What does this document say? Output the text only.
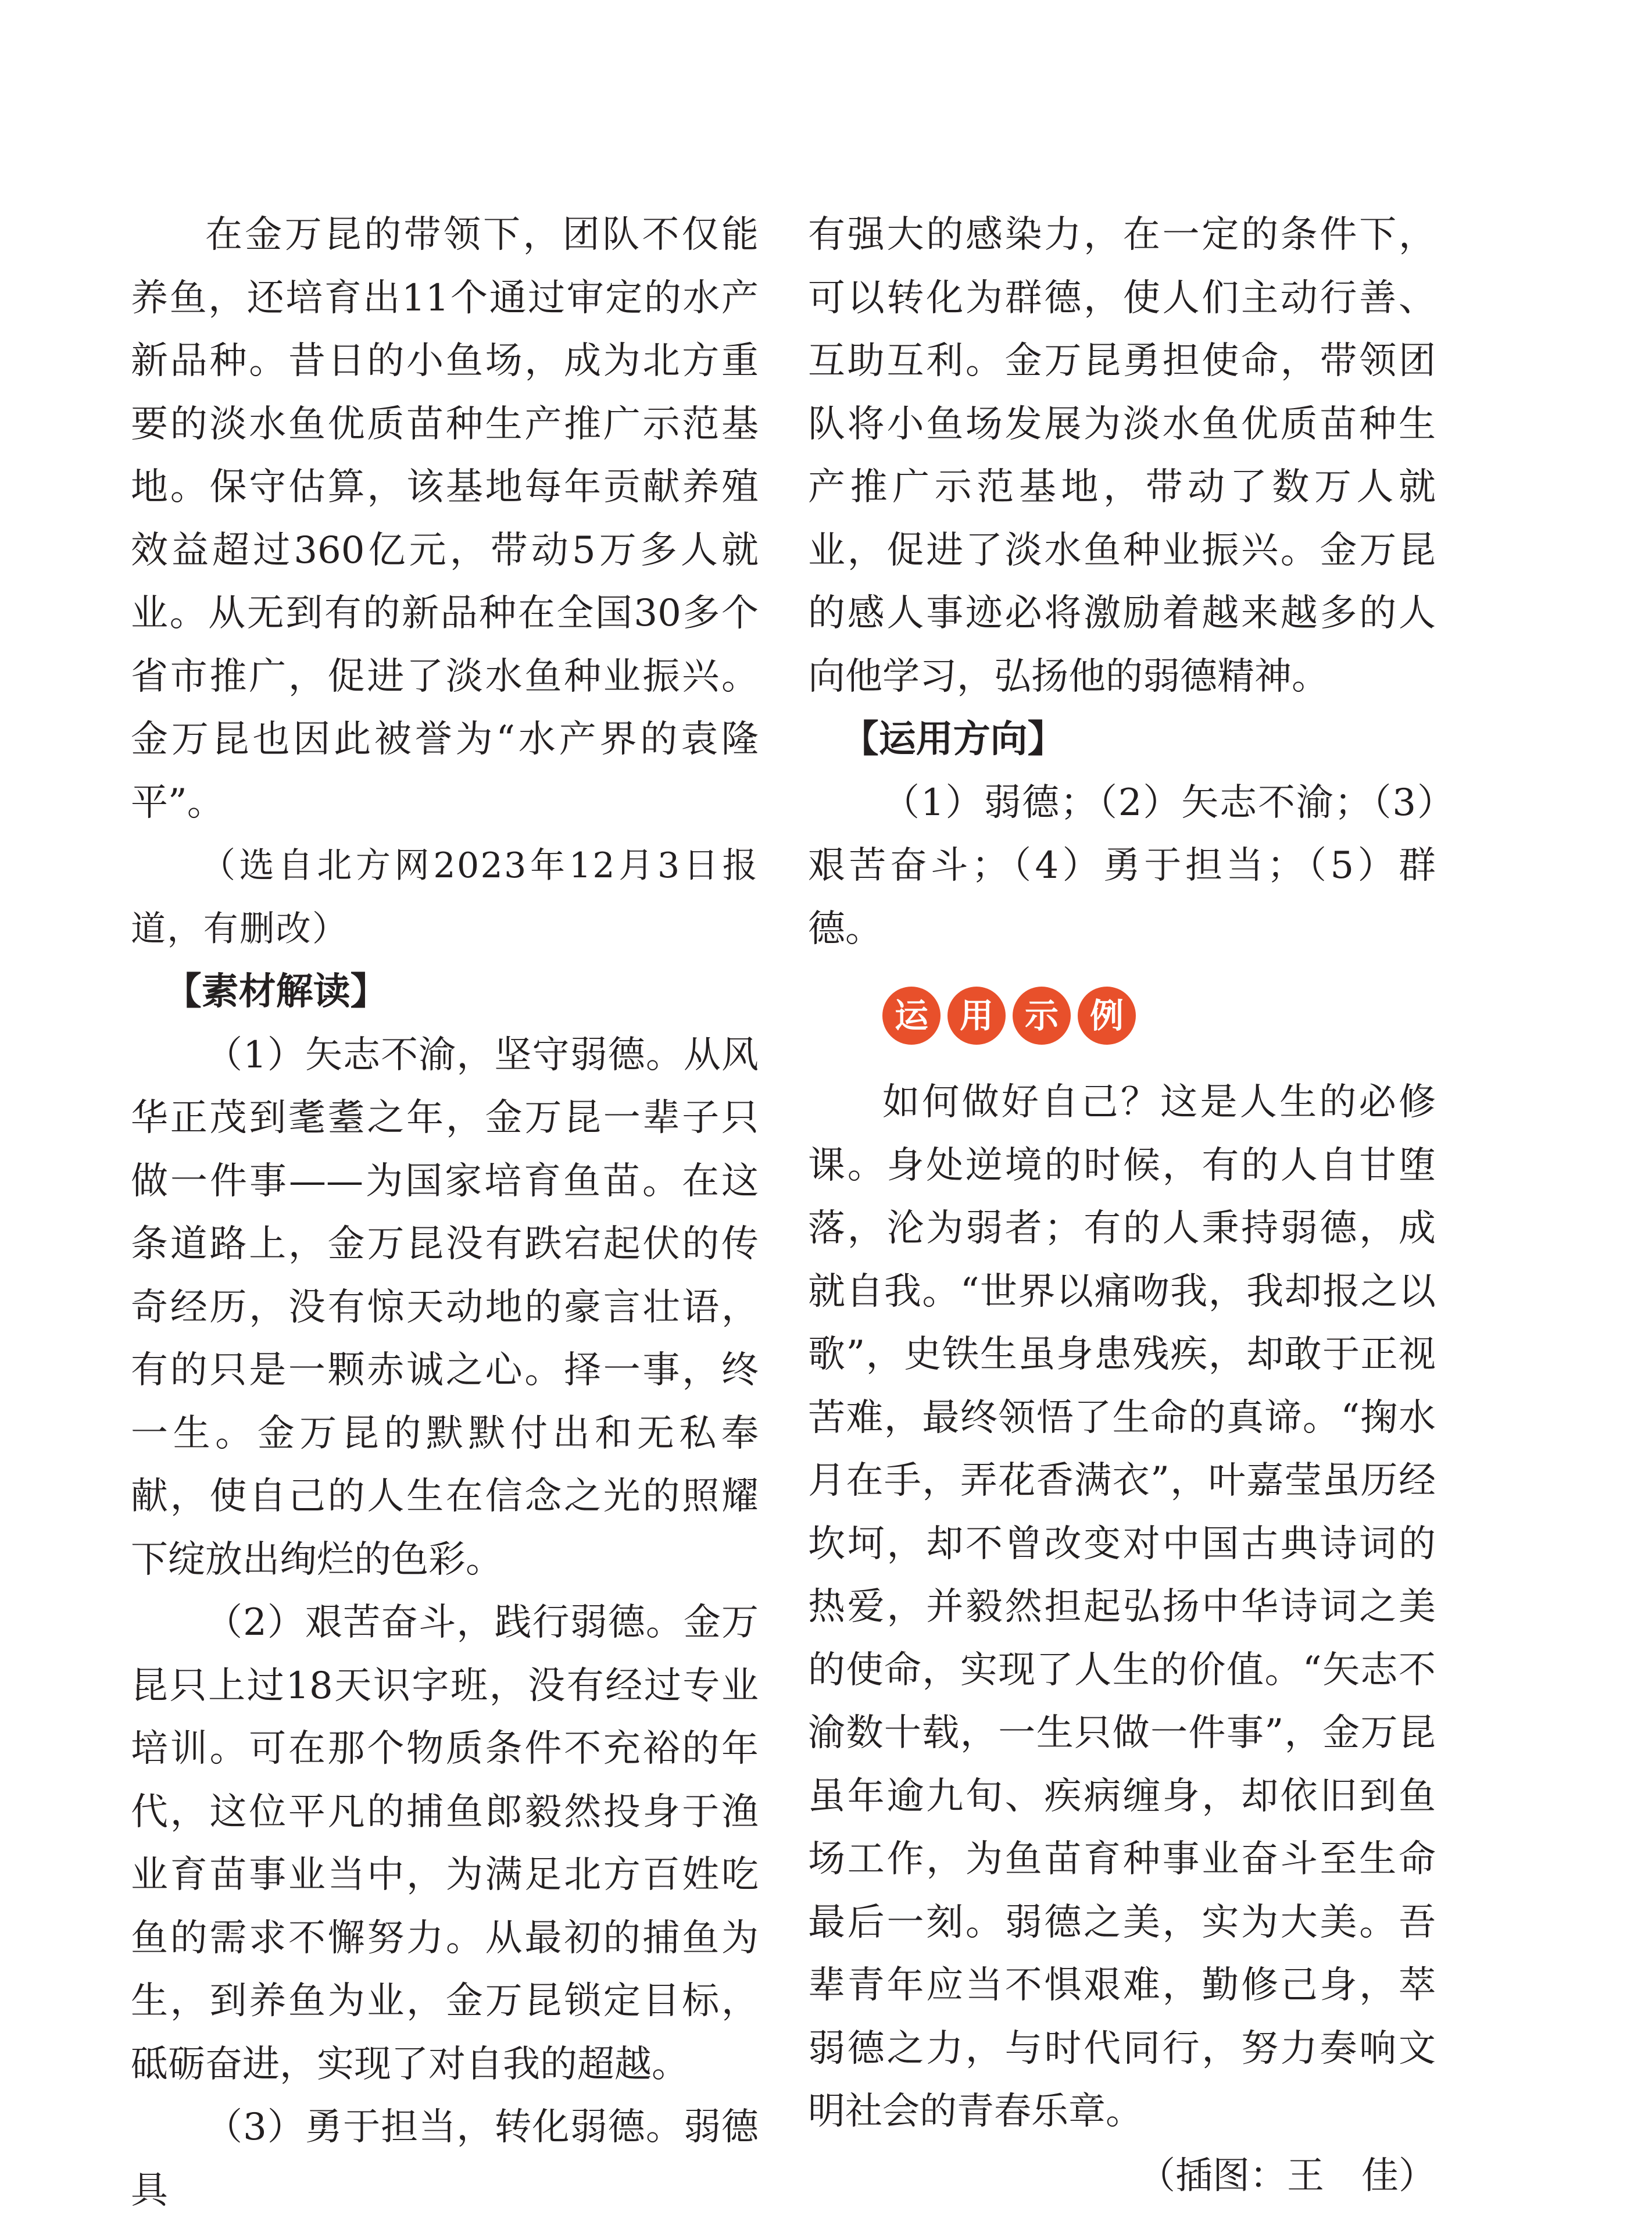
在金万昆的带领下，团队不仅能养鱼，还培育出11个通过审定的水产新品种。昔日的小鱼场，成为北方重要的淡水鱼优质苗种生产推广示范基地。保守估算，该基地每年贡献养殖效益超过360亿元，带动5万多人就业。从无到有的新品种在全国30多个省市推广，促进了淡水鱼种业振兴。金万昆也因此被誉为“水产界的袁隆平”。

（选自北方网2023年12月3日报道，有删改）

【素材解读】

（1）矢志不渝，坚守弱德。从风华正茂到耄耋之年，金万昆一辈子只做一件事——为国家培育鱼苗。在这条道路上，金万昆没有跌宕起伏的传奇经历，没有惊天动地的豪言壮语，有的只是一颗赤诚之心。择一事，终一生。金万昆的默默付出和无私奉献，使自己的人生在信念之光的照耀下绽放出绚烂的色彩。

（2）艰苦奋斗，践行弱德。金万昆只上过18天识字班，没有经过专业培训。可在那个物质条件不充裕的年代，这位平凡的捕鱼郎毅然投身于渔业育苗事业当中，为满足北方百姓吃鱼的需求不懈努力。从最初的捕鱼为生，到养鱼为业，金万昆锁定目标，砥砺奋进，实现了对自我的超越。

（3）勇于担当，转化弱德。弱德具

有强大的感染力，在一定的条件下，可以转化为群德，使人们主动行善、互助互利。金万昆勇担使命，带领团队将小鱼场发展为淡水鱼优质苗种生产推广示范基地，带动了数万人就业，促进了淡水鱼种业振兴。金万昆的感人事迹必将激励着越来越多的人向他学习，弘扬他的弱德精神。

【运用方向】

（1）弱德；（2）矢志不渝；（3）艰苦奋斗；（4）勇于担当；（5）群德。

运 用 示 例

如何做好自己？这是人生的必修课。身处逆境的时候，有的人自甘堕落，沦为弱者；有的人秉持弱德，成就自我。“世界以痛吻我，我却报之以歌”，史铁生虽身患残疾，却敢于正视苦难，最终领悟了生命的真谛。“掬水月在手，弄花香满衣”，叶嘉莹虽历经坎坷，却不曾改变对中国古典诗词的热爱，并毅然担起弘扬中华诗词之美的使命，实现了人生的价值。“矢志不渝数十载，一生只做一件事”，金万昆虽年逾九旬、疾病缠身，却依旧到鱼场工作，为鱼苗育种事业奋斗至生命最后一刻。弱德之美，实为大美。吾辈青年应当不惧艰难，勤修己身，萃弱德之力，与时代同行，努力奏响文明社会的青春乐章。

（插图：王　佳）
